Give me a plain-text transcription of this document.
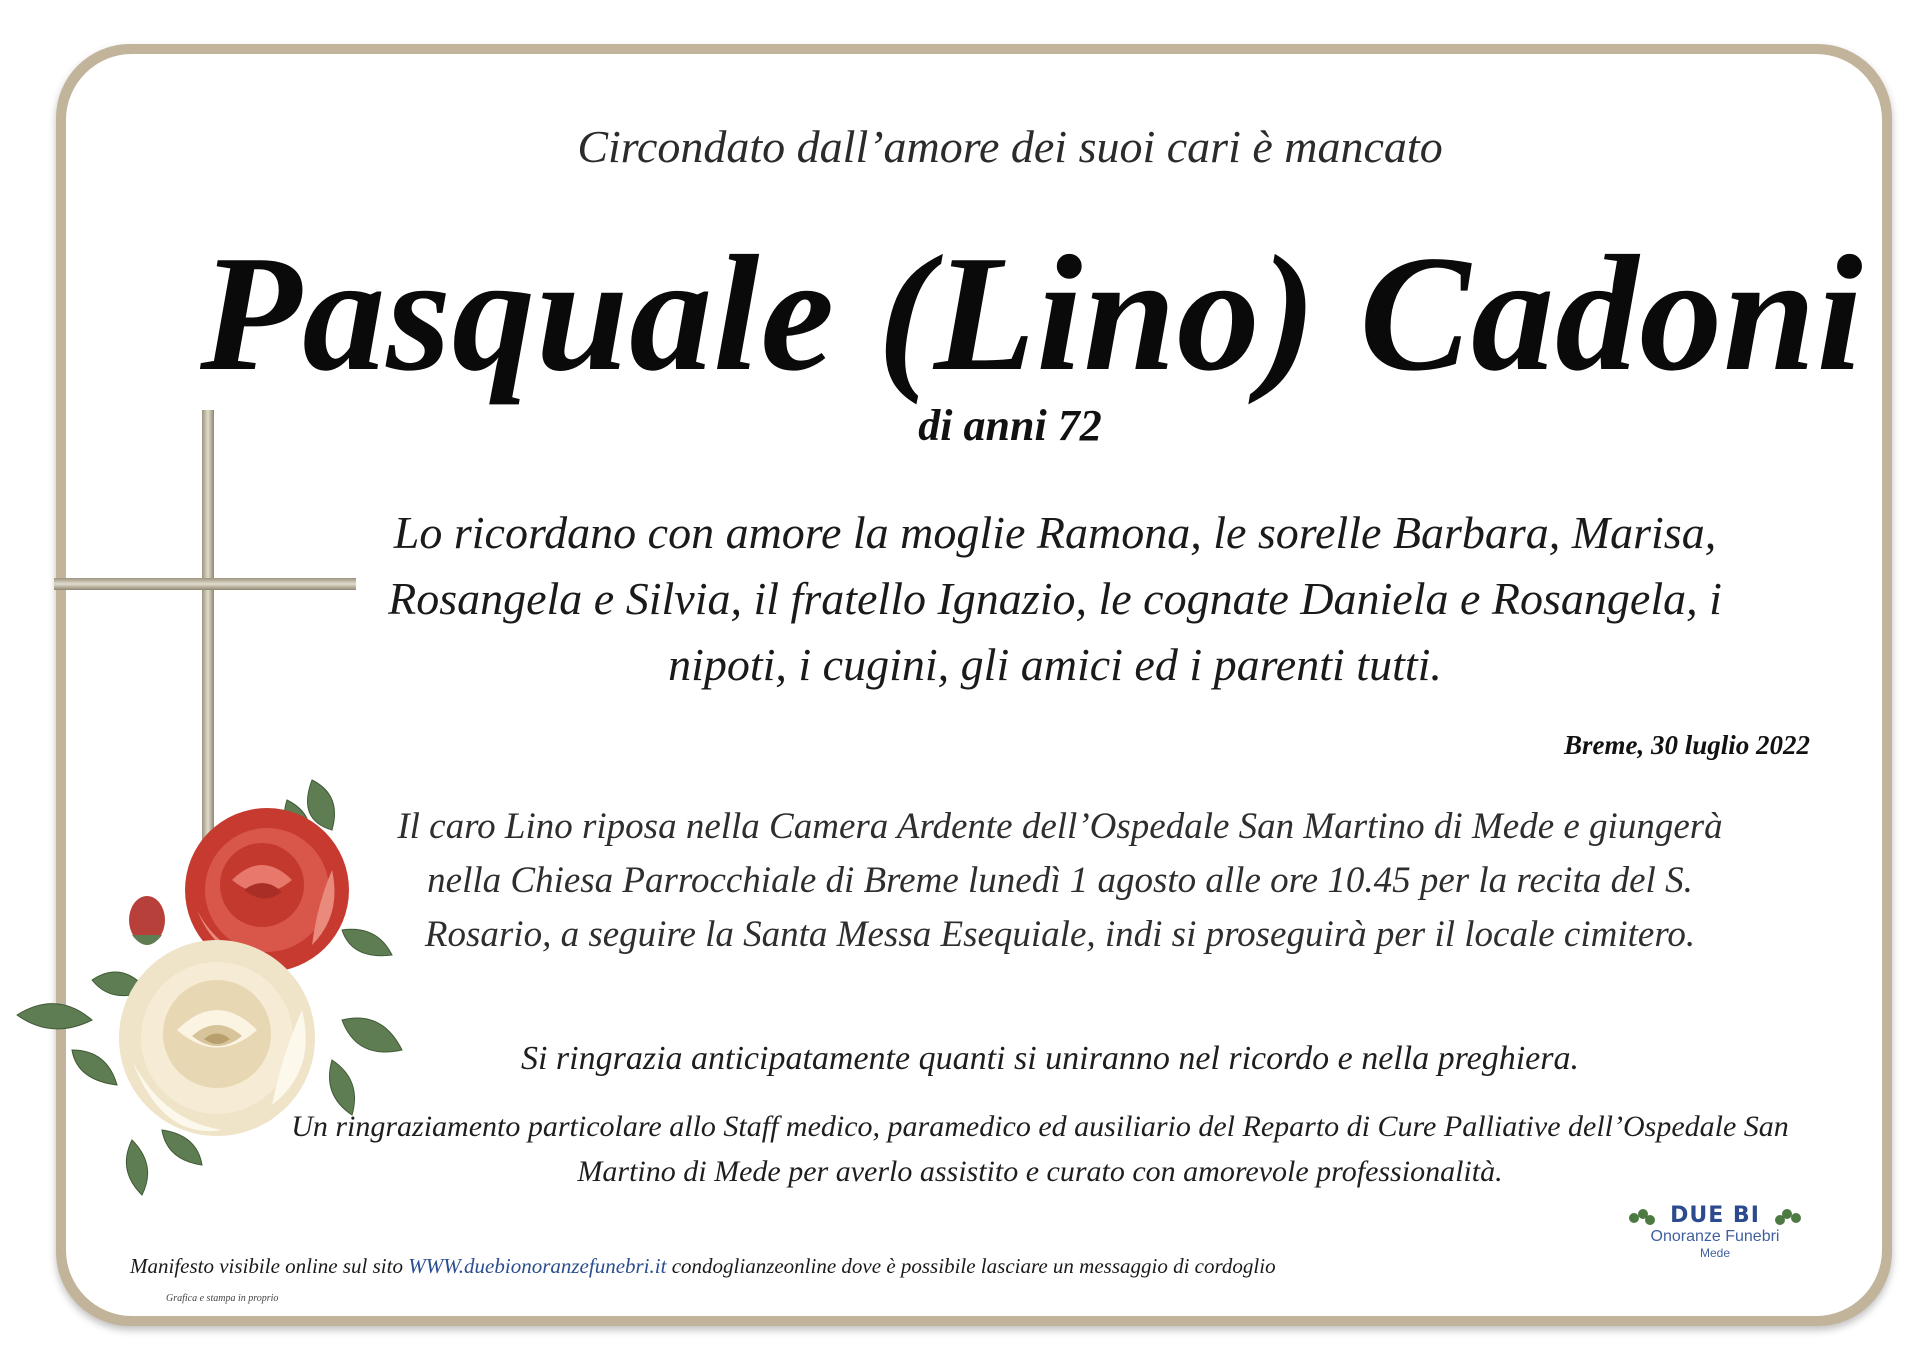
Circondato dall’amore dei suoi cari è mancato
Pasquale (Lino) Cadoni
di anni 72
Lo ricordano con amore la moglie Ramona, le sorelle Barbara, Marisa, Rosangela e Silvia, il fratello Ignazio, le cognate Daniela e Rosangela, i nipoti, i cugini, gli amici ed i parenti tutti.
Breme, 30 luglio 2022
Il caro Lino riposa nella Camera Ardente dell’Ospedale San Martino di Mede e giungerà nella Chiesa Parrocchiale di Breme lunedì 1 agosto alle ore 10.45 per la recita del S. Rosario, a seguire la Santa Messa Esequiale, indi si proseguirà per il locale cimitero.
Si ringrazia anticipatamente quanti si uniranno nel ricordo e nella preghiera.
Un ringraziamento particolare allo Staff medico, paramedico ed ausiliario del Reparto di Cure Palliative dell’Ospedale San Martino di Mede per averlo assistito e curato con amorevole professionalità.
Manifesto visibile online sul sito WWW.duebionoranzefunebri.it condoglianzeonline dove è possibile lasciare un messaggio di cordoglio
Grafica e stampa in proprio
DUE BI
Onoranze Funebri
Mede
